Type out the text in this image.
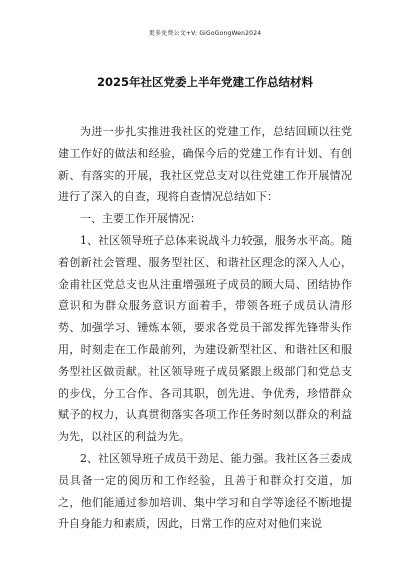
更多免费公文+V: GiGoGongWen2024
2025年社区党委上半年党建工作总结材料

为进一步扎实推进我社区的党建工作，总结回顾以往党建工作好的做法和经验，确保今后的党建工作有计划、有创新、有落实的开展，我社区党总支对以往党建工作开展情况进行了深入的自查，现将自查情况总结如下：

一、主要工作开展情况：

1、社区领导班子总体来说战斗力较强，服务水平高。随着创新社会管理、服务型社区、和谐社区理念的深入人心，金甫社区党总支也从注重增强班子成员的顾大局、团结协作意识和为群众服务意识方面着手，带领各班子成员认清形势、加强学习、锤炼本领，要求各党员干部发挥先锋带头作用，时刻走在工作最前列，为建设新型社区、和谐社区和服务型社区做贡献。社区领导班子成员紧跟上级部门和党总支的步伐，分工合作、各司其职，创先进、争优秀，珍惜群众赋予的权力，认真贯彻落实各项工作任务时刻以群众的利益为先，以社区的利益为先。

2、社区领导班子成员干劲足、能力强。我社区各三委成员具备一定的阅历和工作经验，且善于和群众打交道，加之，他们能通过参加培训、集中学习和自学等途径不断地提升自身能力和素质，因此，日常工作的应对对他们来说
